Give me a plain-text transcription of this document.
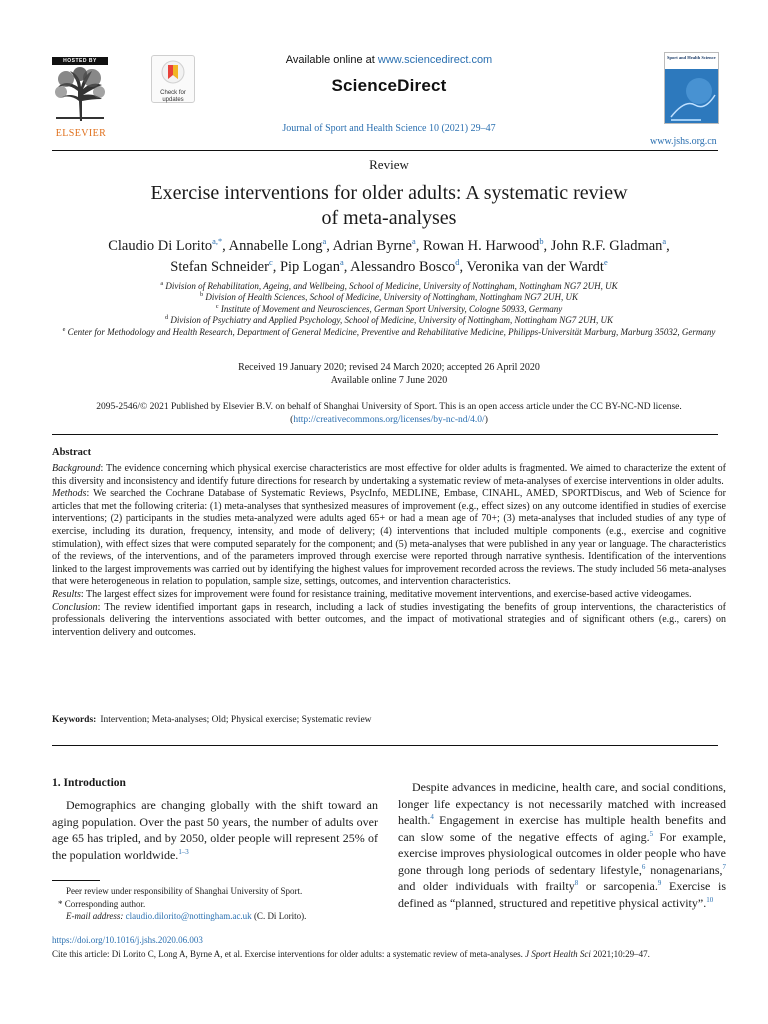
HOSTED BY
ELSEVIER
Check for updates
Available online at www.sciencedirect.com
ScienceDirect
Journal of Sport and Health Science 10 (2021) 29–47
Sport and Health Science
www.jshs.org.cn
Review
Exercise interventions for older adults: A systematic review
of meta-analyses
Claudio Di Lorito$^{a,*}$, Annabelle Long$^a$, Adrian Byrne$^a$, Rowan H. Harwood$^b$, John R.F. Gladman$^a$,
Stefan Schneider$^c$, Pip Logan$^a$, Alessandro Bosco$^d$, Veronika van der Wardt$^e$
$^a$ Division of Rehabilitation, Ageing, and Wellbeing, School of Medicine, University of Nottingham, Nottingham NG7 2UH, UK
$^b$ Division of Health Sciences, School of Medicine, University of Nottingham, Nottingham NG7 2UH, UK
$^c$ Institute of Movement and Neurosciences, German Sport University, Cologne 50933, Germany
$^d$ Division of Psychiatry and Applied Psychology, School of Medicine, University of Nottingham, Nottingham NG7 2UH, UK
$^e$ Center for Methodology and Health Research, Department of General Medicine, Preventive and Rehabilitative Medicine, Philipps-Universität Marburg, Marburg 35032, Germany
Received 19 January 2020; revised 24 March 2020; accepted 26 April 2020
Available online 7 June 2020
2095-2546/© 2021 Published by Elsevier B.V. on behalf of Shanghai University of Sport. This is an open access article under the CC BY-NC-ND license.
(http://creativecommons.org/licenses/by-nc-nd/4.0/)
Abstract

Background: The evidence concerning which physical exercise characteristics are most effective for older adults is fragmented. We aimed to characterize the extent of this diversity and inconsistency and identify future directions for research by undertaking a systematic review of meta-analyses of exercise interventions in older adults.

Methods: We searched the Cochrane Database of Systematic Reviews, PsycInfo, MEDLINE, Embase, CINAHL, AMED, SPORTDiscus, and Web of Science for articles that met the following criteria: (1) meta-analyses that synthesized measures of improvement (e.g., effect sizes) on any outcome identified in studies of exercise interventions; (2) participants in the studies meta-analyzed were adults aged 65+ or had a mean age of 70+; (3) meta-analyses that included studies of any type of exercise, including its duration, frequency, intensity, and mode of delivery; (4) interventions that included multiple components (e.g., exercise and cognitive stimulation), with effect sizes that were computed separately for the component; and (5) meta-analyses that were published in any year or language. The characteristics of the reviews, of the interventions, and of the parameters improved through exercise were reported through narrative synthesis. Identification of the interventions linked to the largest improvements was carried out by identifying the highest values for improvement recorded across the reviews. The study included 56 meta-analyses that were heterogeneous in relation to population, sample size, settings, outcomes, and intervention characteristics.

Results: The largest effect sizes for improvement were found for resistance training, meditative movement interventions, and exercise-based active videogames.

Conclusion: The review identified important gaps in research, including a lack of studies investigating the benefits of group interventions, the characteristics of professionals delivering the interventions associated with better outcomes, and the impact of motivational strategies and of significant others (e.g., carers) on intervention delivery and outcomes.

Keywords: Intervention; Meta-analyses; Old; Physical exercise; Systematic review
1. Introduction
Demographics are changing globally with the shift toward an aging population. Over the past 50 years, the number of adults over age 65 has tripled, and by 2050, older people will represent 25% of the population worldwide.$^{1-3}$
Despite advances in medicine, health care, and social conditions, longer life expectancy is not necessarily matched with increased health.$^4$ Engagement in exercise has multiple health benefits and can slow some of the negative effects of aging.$^5$ For example, exercise improves physiological outcomes in older people who have gone through long periods of sedentary lifestyle,$^6$ nonagenarians,$^7$ and older individuals with frailty$^8$ or sarcopenia.$^9$ Exercise is defined as “planned, structured and repetitive physical activity”.$^{10}$
Peer review under responsibility of Shanghai University of Sport.
* Corresponding author.
E-mail address: claudio.dilorito@nottingham.ac.uk (C. Di Lorito).
https://doi.org/10.1016/j.jshs.2020.06.003
Cite this article: Di Lorito C, Long A, Byrne A, et al. Exercise interventions for older adults: a systematic review of meta-analyses. J Sport Health Sci 2021;10:29–47.
